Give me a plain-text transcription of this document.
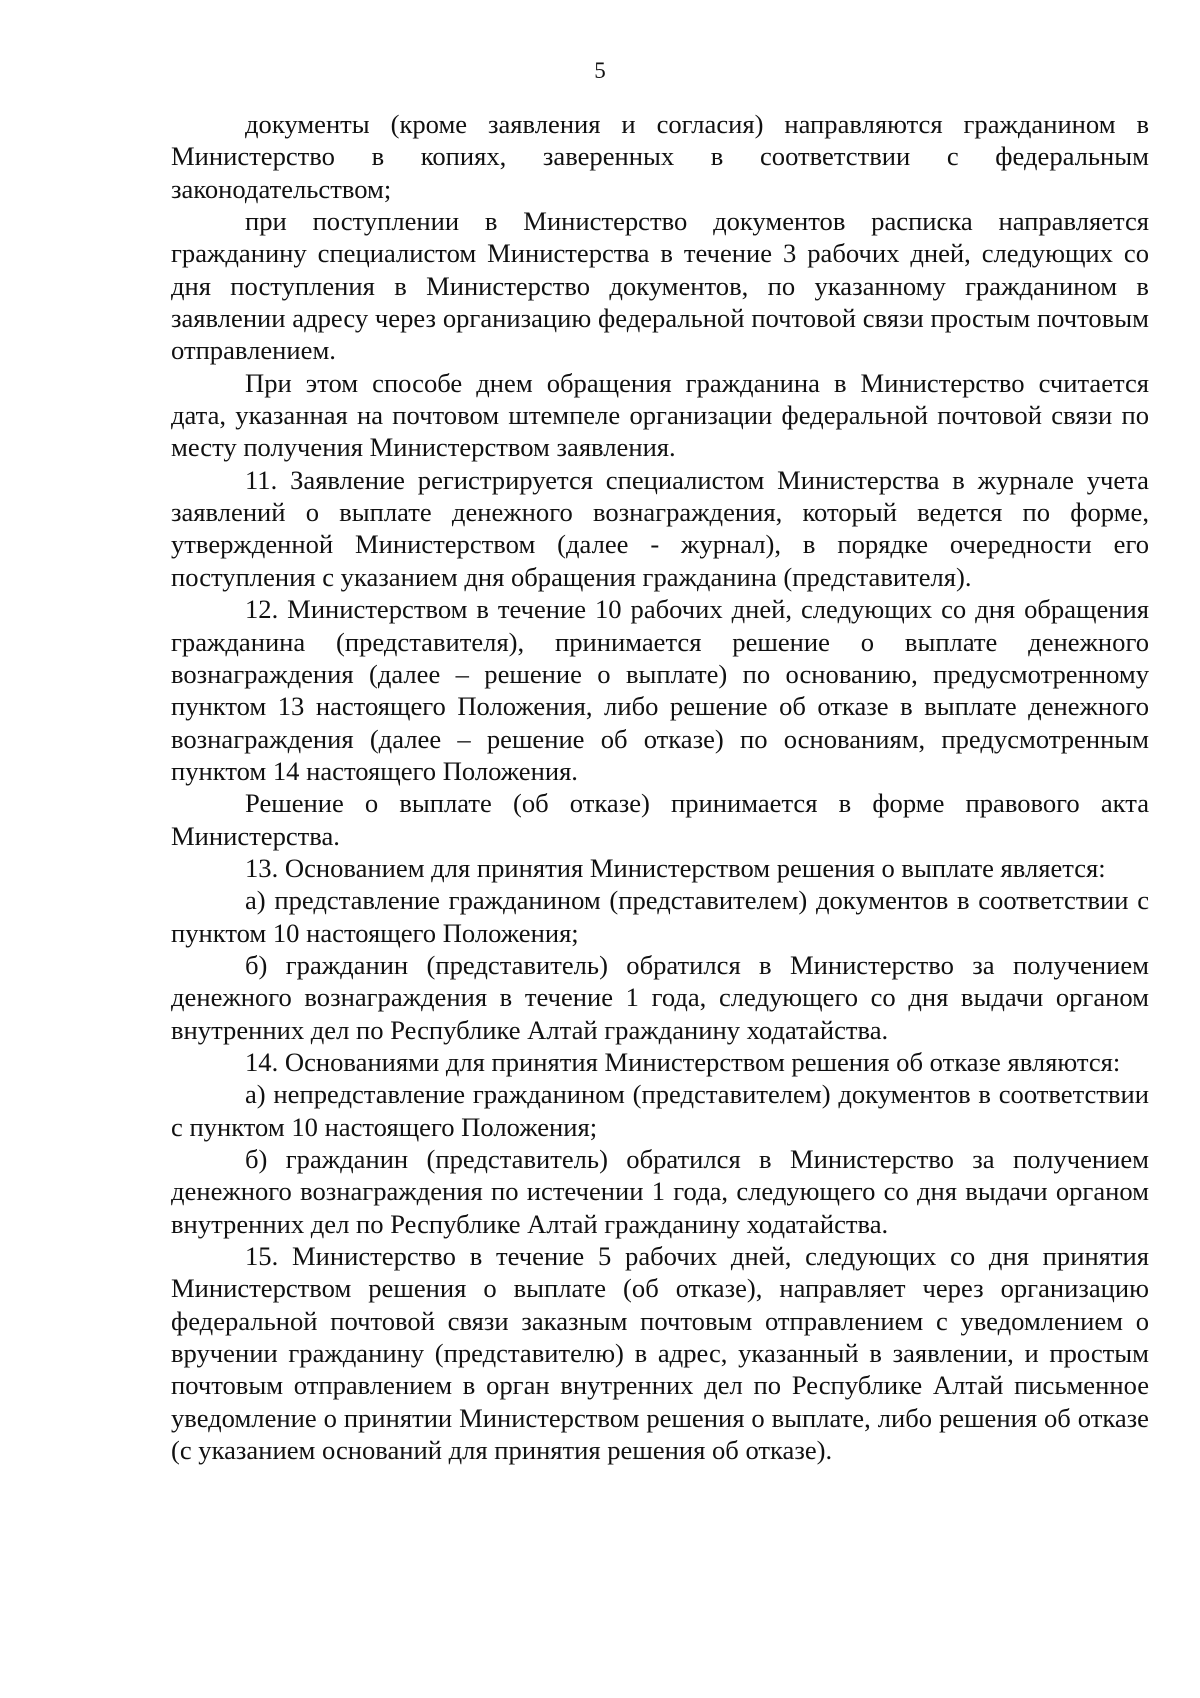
5

документы (кроме заявления и согласия) направляются гражданином в Министерство в копиях, заверенных в соответствии с федеральным законодательством;

при поступлении в Министерство документов расписка направляется гражданину специалистом Министерства в течение 3 рабочих дней, следующих со дня поступления в Министерство документов, по указанному гражданином в заявлении адресу через организацию федеральной почтовой связи простым почтовым отправлением.

При этом способе днем обращения гражданина в Министерство считается дата, указанная на почтовом штемпеле организации федеральной почтовой связи по месту получения Министерством заявления.

11. Заявление регистрируется специалистом Министерства в журнале учета заявлений о выплате денежного вознаграждения, который ведется по форме, утвержденной Министерством (далее - журнал), в порядке очередности его поступления с указанием дня обращения гражданина (представителя).

12. Министерством в течение 10 рабочих дней, следующих со дня обращения гражданина (представителя), принимается решение о выплате денежного вознаграждения (далее – решение о выплате) по основанию, предусмотренному пунктом 13 настоящего Положения, либо решение об отказе в выплате денежного вознаграждения (далее – решение об отказе) по основаниям, предусмотренным пунктом 14 настоящего Положения.

Решение о выплате (об отказе) принимается в форме правового акта Министерства.

13. Основанием для принятия Министерством решения о выплате является:

а) представление гражданином (представителем) документов в соответствии с пунктом 10 настоящего Положения;

б) гражданин (представитель) обратился в Министерство за получением денежного вознаграждения в течение 1 года, следующего со дня выдачи органом внутренних дел по Республике Алтай гражданину ходатайства.

14. Основаниями для принятия Министерством решения об отказе являются:

а) непредставление гражданином (представителем) документов в соответствии с пунктом 10 настоящего Положения;

б) гражданин (представитель) обратился в Министерство за получением денежного вознаграждения по истечении 1 года, следующего со дня выдачи органом внутренних дел по Республике Алтай гражданину ходатайства.

15. Министерство в течение 5 рабочих дней, следующих со дня принятия Министерством решения о выплате (об отказе), направляет через организацию федеральной почтовой связи заказным почтовым отправлением с уведомлением о вручении гражданину (представителю) в адрес, указанный в заявлении, и простым почтовым отправлением в орган внутренних дел по Республике Алтай письменное уведомление о принятии Министерством решения о выплате, либо решения об отказе (с указанием оснований для принятия решения об отказе).
